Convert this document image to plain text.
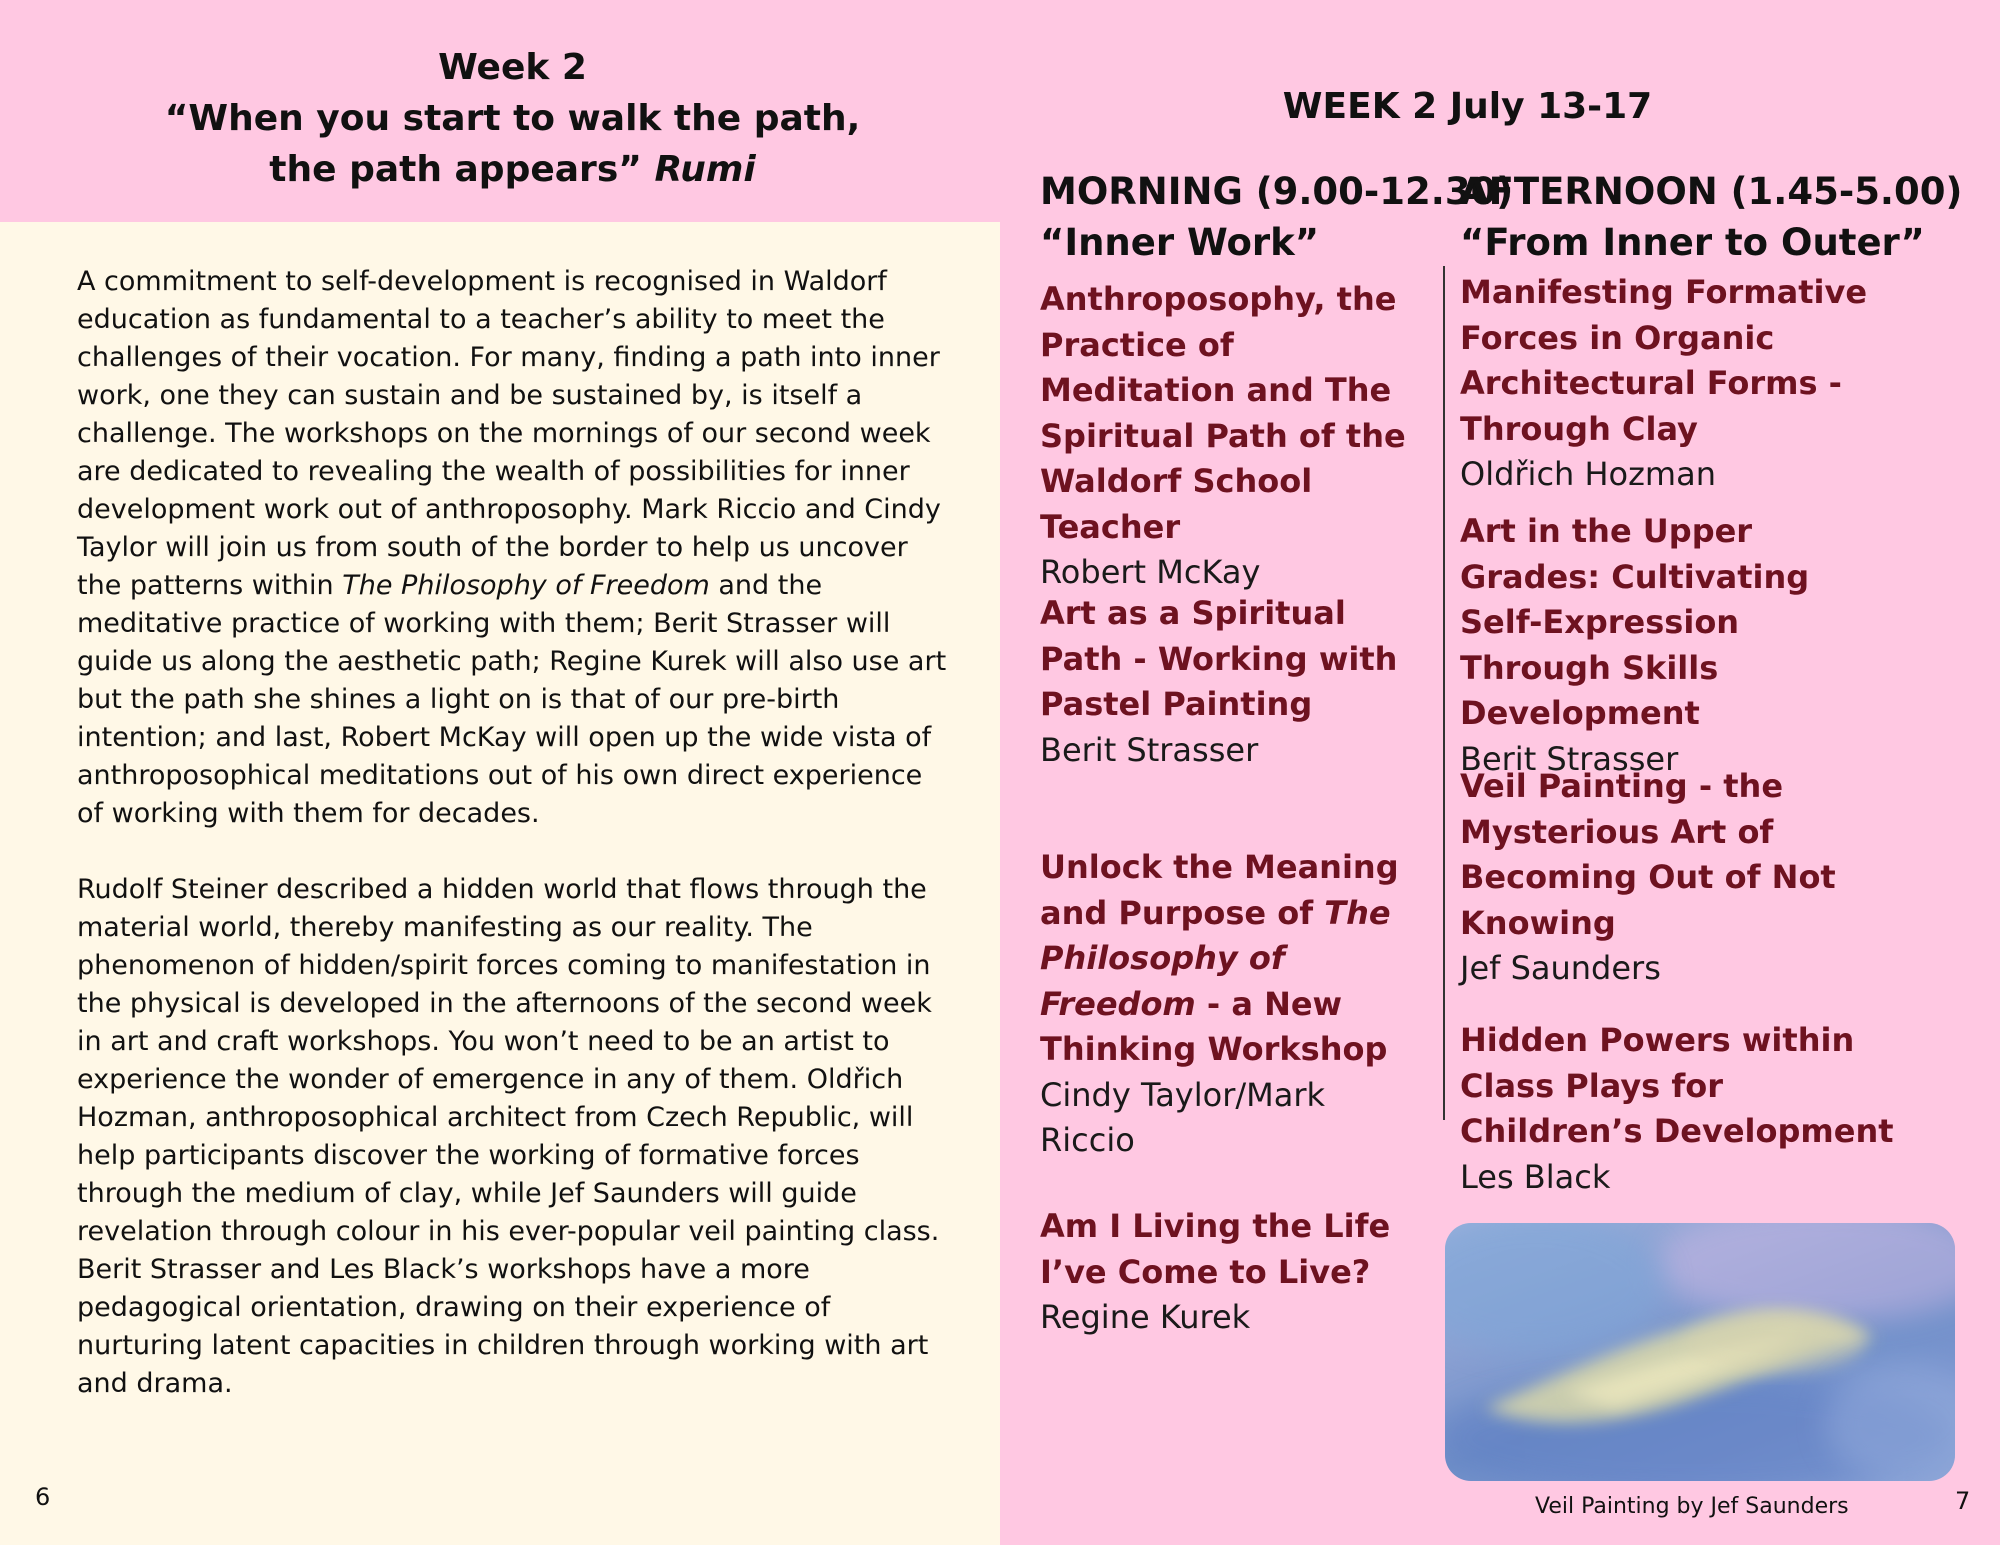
Week 2
“When you start to walk the path,
the path appears” Rumi

A commitment to self-development is recognised in Waldorf education as fundamental to a teacher’s ability to meet the challenges of their vocation. For many, finding a path into inner work, one they can sustain and be sustained by, is itself a challenge. The workshops on the mornings of our second week are dedicated to revealing the wealth of possibilities for inner development work out of anthroposophy. Mark Riccio and Cindy Taylor will join us from south of the border to help us uncover the patterns within The Philosophy of Freedom and the meditative practice of working with them; Berit Strasser will guide us along the aesthetic path; Regine Kurek will also use art but the path she shines a light on is that of our pre-birth intention; and last, Robert McKay will open up the wide vista of anthroposophical meditations out of his own direct experience of working with them for decades.

Rudolf Steiner described a hidden world that flows through the material world, thereby manifesting as our reality. The phenomenon of hidden/spirit forces coming to manifestation in the physical is developed in the afternoons of the second week in art and craft workshops. You won’t need to be an artist to experience the wonder of emergence in any of them. Oldřich Hozman, anthroposophical architect from Czech Republic, will help participants discover the working of formative forces through the medium of clay, while Jef Saunders will guide revelation through colour in his ever-popular veil painting class. Berit Strasser and Les Black’s workshops have a more pedagogical orientation, drawing on their experience of nurturing latent capacities in children through working with art and drama.

6
WEEK 2 July 13-17
MORNING (9.00-12.30)
“Inner Work”
AFTERNOON (1.45-5.00)
“From Inner to Outer”
Anthroposophy, the Practice of Meditation and The Spiritual Path of the Waldorf School Teacher
Robert McKay
Art as a Spiritual Path - Working with Pastel Painting
Berit Strasser
Unlock the Meaning and Purpose of The Philosophy of Freedom - a New Thinking Workshop
Cindy Taylor/Mark Riccio
Am I Living the Life I’ve Come to Live?
Regine Kurek
Manifesting Formative Forces in Organic Architectural Forms - Through Clay
Oldřich Hozman
Art in the Upper Grades: Cultivating Self-Expression Through Skills Development
Berit Strasser
Veil Painting - the Mysterious Art of Becoming Out of Not Knowing
Jef Saunders
Hidden Powers within Class Plays for Children’s Development
Les Black
Veil Painting by Jef Saunders	7
